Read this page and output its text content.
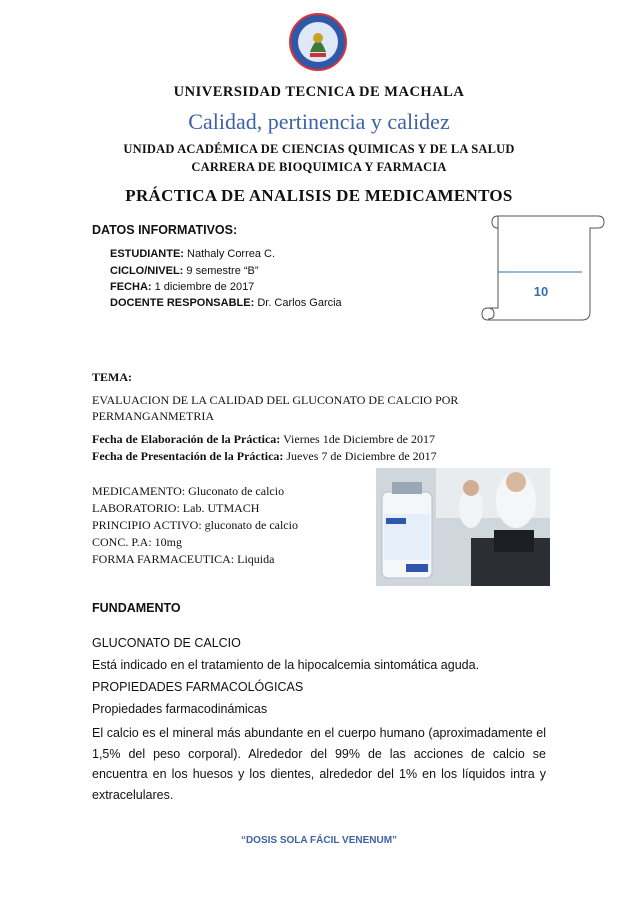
UNIVERSIDAD TECNICA DE MACHALA
Calidad, pertinencia y calidez
UNIDAD ACADÉMICA DE CIENCIAS QUIMICAS Y DE LA SALUD
CARRERA DE BIOQUIMICA Y FARMACIA
PRÁCTICA DE ANALISIS DE MEDICAMENTOS
DATOS INFORMATIVOS:
ESTUDIANTE: Nathaly Correa C.
CICLO/NIVEL: 9 semestre “B”
FECHA: 1 diciembre de 2017
DOCENTE RESPONSABLE: Dr. Carlos Garcia
10
TEMA:
EVALUACION DE LA CALIDAD DEL GLUCONATO DE CALCIO POR PERMANGANMETRIA
Fecha de Elaboración de la Práctica: Viernes 1de Diciembre de 2017
Fecha de Presentación de la Práctica: Jueves 7 de Diciembre de 2017
MEDICAMENTO: Gluconato de calcio
LABORATORIO: Lab. UTMACH
PRINCIPIO ACTIVO: gluconato de calcio
CONC. P.A: 10mg
FORMA FARMACEUTICA: Liquida
FUNDAMENTO
GLUCONATO DE CALCIO
Está indicado en el tratamiento de la hipocalcemia sintomática aguda.
PROPIEDADES FARMACOLÓGICAS
Propiedades farmacodinámicas
El calcio es el mineral más abundante en el cuerpo humano (aproximadamente el 1,5% del peso corporal). Alrededor del 99% de las acciones de calcio se encuentra en los huesos y los dientes, alrededor del 1% en los líquidos intra y extracelulares.
“DOSIS SOLA FÁCIL VENENUM”
